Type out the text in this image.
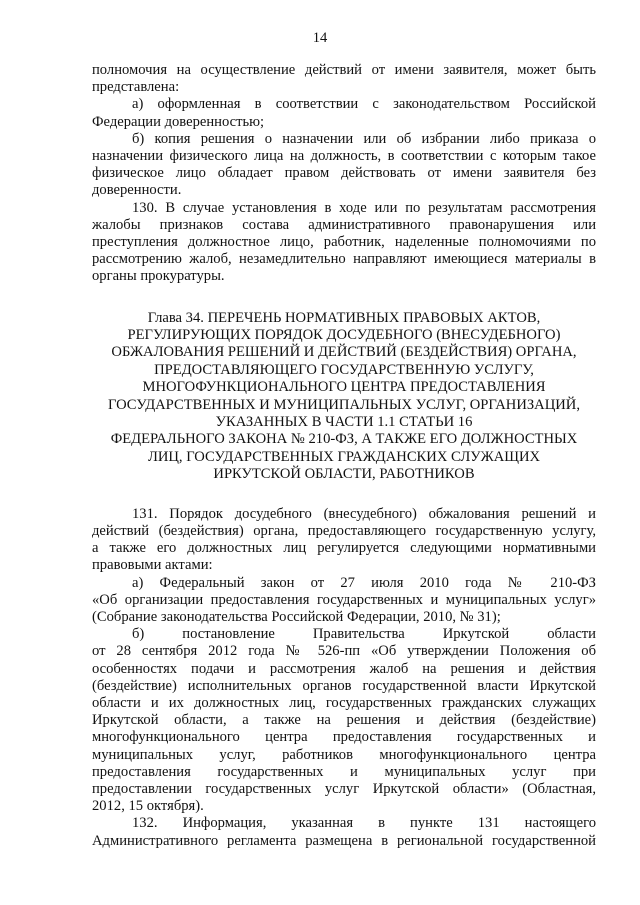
14
полномочия на осуществление действий от имени заявителя, может быть
представлена:
а) оформленная в соответствии с законодательством Российской
Федерации доверенностью;
б) копия решения о назначении или об избрании либо приказа о
назначении физического лица на должность, в соответствии с которым такое
физическое лицо обладает правом действовать от имени заявителя без
доверенности.
130. В случае установления в ходе или по результатам рассмотрения
жалобы признаков состава административного правонарушения или
преступления должностное лицо, работник, наделенные полномочиями по
рассмотрению жалоб, незамедлительно направляют имеющиеся материалы в
органы прокуратуры.
Глава 34. ПЕРЕЧЕНЬ НОРМАТИВНЫХ ПРАВОВЫХ АКТОВ,
РЕГУЛИРУЮЩИХ ПОРЯДОК ДОСУДЕБНОГО (ВНЕСУДЕБНОГО)
ОБЖАЛОВАНИЯ РЕШЕНИЙ И ДЕЙСТВИЙ (БЕЗДЕЙСТВИЯ) ОРГАНА,
ПРЕДОСТАВЛЯЮЩЕГО ГОСУДАРСТВЕННУЮ УСЛУГУ,
МНОГОФУНКЦИОНАЛЬНОГО ЦЕНТРА ПРЕДОСТАВЛЕНИЯ
ГОСУДАРСТВЕННЫХ И МУНИЦИПАЛЬНЫХ УСЛУГ, ОРГАНИЗАЦИЙ,
УКАЗАННЫХ В ЧАСТИ 1.1 СТАТЬИ 16
ФЕДЕРАЛЬНОГО ЗАКОНА № 210-ФЗ, А ТАКЖЕ ЕГО ДОЛЖНОСТНЫХ
ЛИЦ, ГОСУДАРСТВЕННЫХ ГРАЖДАНСКИХ СЛУЖАЩИХ
ИРКУТСКОЙ ОБЛАСТИ, РАБОТНИКОВ
131. Порядок досудебного (внесудебного) обжалования решений и
действий (бездействия) органа, предоставляющего государственную услугу,
а также его должностных лиц регулируется следующими нормативными
правовыми актами:
а) Федеральный закон от 27 июля 2010 года № 210-ФЗ
«Об организации предоставления государственных и муниципальных услуг»
(Собрание законодательства Российской Федерации, 2010, № 31);
б) постановление Правительства Иркутской области
от 28 сентября 2012 года № 526-пп «Об утверждении Положения об
особенностях подачи и рассмотрения жалоб на решения и действия
(бездействие) исполнительных органов государственной власти Иркутской
области и их должностных лиц, государственных гражданских служащих
Иркутской области, а также на решения и действия (бездействие)
многофункционального центра предоставления государственных и
муниципальных услуг, работников многофункционального центра
предоставления государственных и муниципальных услуг при
предоставлении государственных услуг Иркутской области» (Областная,
2012, 15 октября).
132. Информация, указанная в пункте 131 настоящего
Административного регламента размещена в региональной государственной
